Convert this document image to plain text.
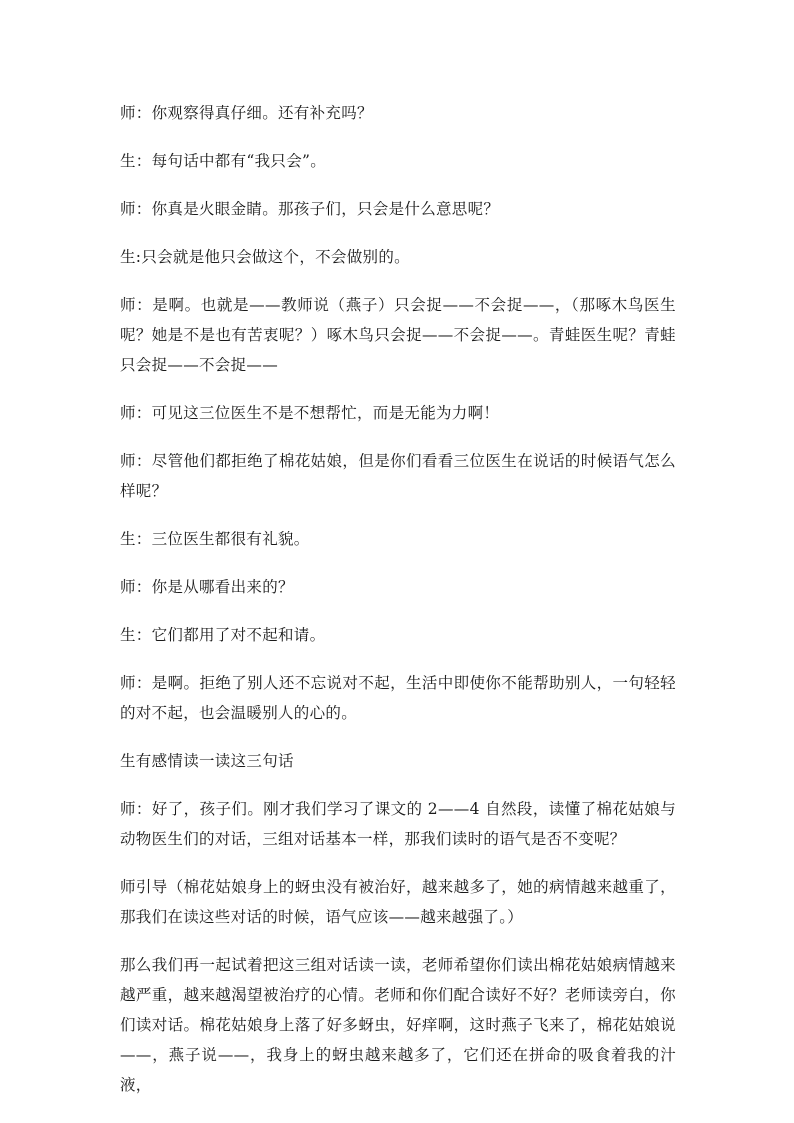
师：你观察得真仔细。还有补充吗？

生：每句话中都有“我只会”。

师：你真是火眼金睛。那孩子们，只会是什么意思呢？

生:只会就是他只会做这个，不会做别的。

师：是啊。也就是——教师说（燕子）只会捉——不会捉——，（那啄木鸟医生呢？她是不是也有苦衷呢？）啄木鸟只会捉——不会捉——。青蛙医生呢？青蛙只会捉——不会捉——

师：可见这三位医生不是不想帮忙，而是无能为力啊！

师：尽管他们都拒绝了棉花姑娘，但是你们看看三位医生在说话的时候语气怎么样呢？

生：三位医生都很有礼貌。

师：你是从哪看出来的？

生：它们都用了对不起和请。

师：是啊。拒绝了别人还不忘说对不起，生活中即使你不能帮助别人，一句轻轻的对不起，也会温暖别人的心的。

生有感情读一读这三句话

师：好了，孩子们。刚才我们学习了课文的 2——4 自然段，读懂了棉花姑娘与动物医生们的对话，三组对话基本一样，那我们读时的语气是否不变呢？

师引导（棉花姑娘身上的蚜虫没有被治好，越来越多了，她的病情越来越重了，那我们在读这些对话的时候，语气应该——越来越强了。）

那么我们再一起试着把这三组对话读一读，老师希望你们读出棉花姑娘病情越来越严重，越来越渴望被治疗的心情。老师和你们配合读好不好？老师读旁白，你们读对话。棉花姑娘身上落了好多蚜虫，好痒啊，这时燕子飞来了，棉花姑娘说——，燕子说——，我身上的蚜虫越来越多了，它们还在拼命的吸食着我的汁液，
